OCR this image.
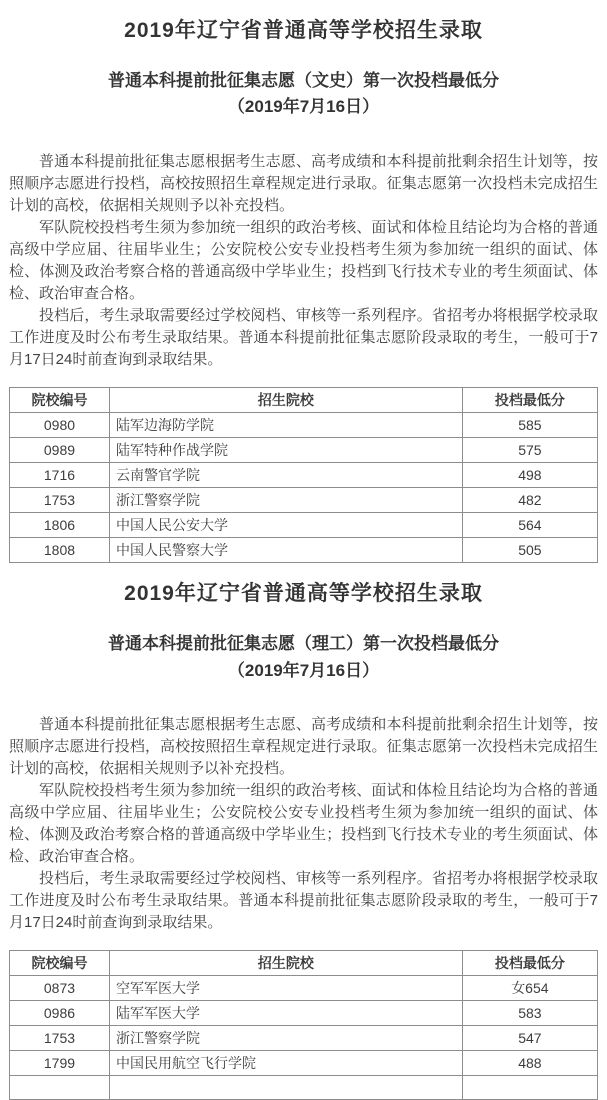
2019年辽宁省普通高等学校招生录取
普通本科提前批征集志愿（文史）第一次投档最低分
（2019年7月16日）

普通本科提前批征集志愿根据考生志愿、高考成绩和本科提前批剩余招生计划等，按照顺序志愿进行投档，高校按照招生章程规定进行录取。征集志愿第一次投档未完成招生计划的高校，依据相关规则予以补充投档。

军队院校投档考生须为参加统一组织的政治考核、面试和体检且结论均为合格的普通高级中学应届、往届毕业生；公安院校公安专业投档考生须为参加统一组织的面试、体检、体测及政治考察合格的普通高级中学毕业生；投档到飞行技术专业的考生须面试、体检、政治审查合格。

投档后，考生录取需要经过学校阅档、审核等一系列程序。省招考办将根据学校录取工作进度及时公布考生录取结果。普通本科提前批征集志愿阶段录取的考生，一般可于7月17日24时前查询到录取结果。

院校编号	招生院校	投档最低分
0980	陆军边海防学院	585
0989	陆军特种作战学院	575
1716	云南警官学院	498
1753	浙江警察学院	482
1806	中国人民公安大学	564
1808	中国人民警察大学	505
2019年辽宁省普通高等学校招生录取
普通本科提前批征集志愿（理工）第一次投档最低分
（2019年7月16日）

普通本科提前批征集志愿根据考生志愿、高考成绩和本科提前批剩余招生计划等，按照顺序志愿进行投档，高校按照招生章程规定进行录取。征集志愿第一次投档未完成招生计划的高校，依据相关规则予以补充投档。

军队院校投档考生须为参加统一组织的政治考核、面试和体检且结论均为合格的普通高级中学应届、往届毕业生；公安院校公安专业投档考生须为参加统一组织的面试、体检、体测及政治考察合格的普通高级中学毕业生；投档到飞行技术专业的考生须面试、体检、政治审查合格。

投档后，考生录取需要经过学校阅档、审核等一系列程序。省招考办将根据学校录取工作进度及时公布考生录取结果。普通本科提前批征集志愿阶段录取的考生，一般可于7月17日24时前查询到录取结果。

院校编号	招生院校	投档最低分
0873	空军军医大学	女654
0986	陆军军医大学	583
1753	浙江警察学院	547
1799	中国民用航空飞行学院	488
